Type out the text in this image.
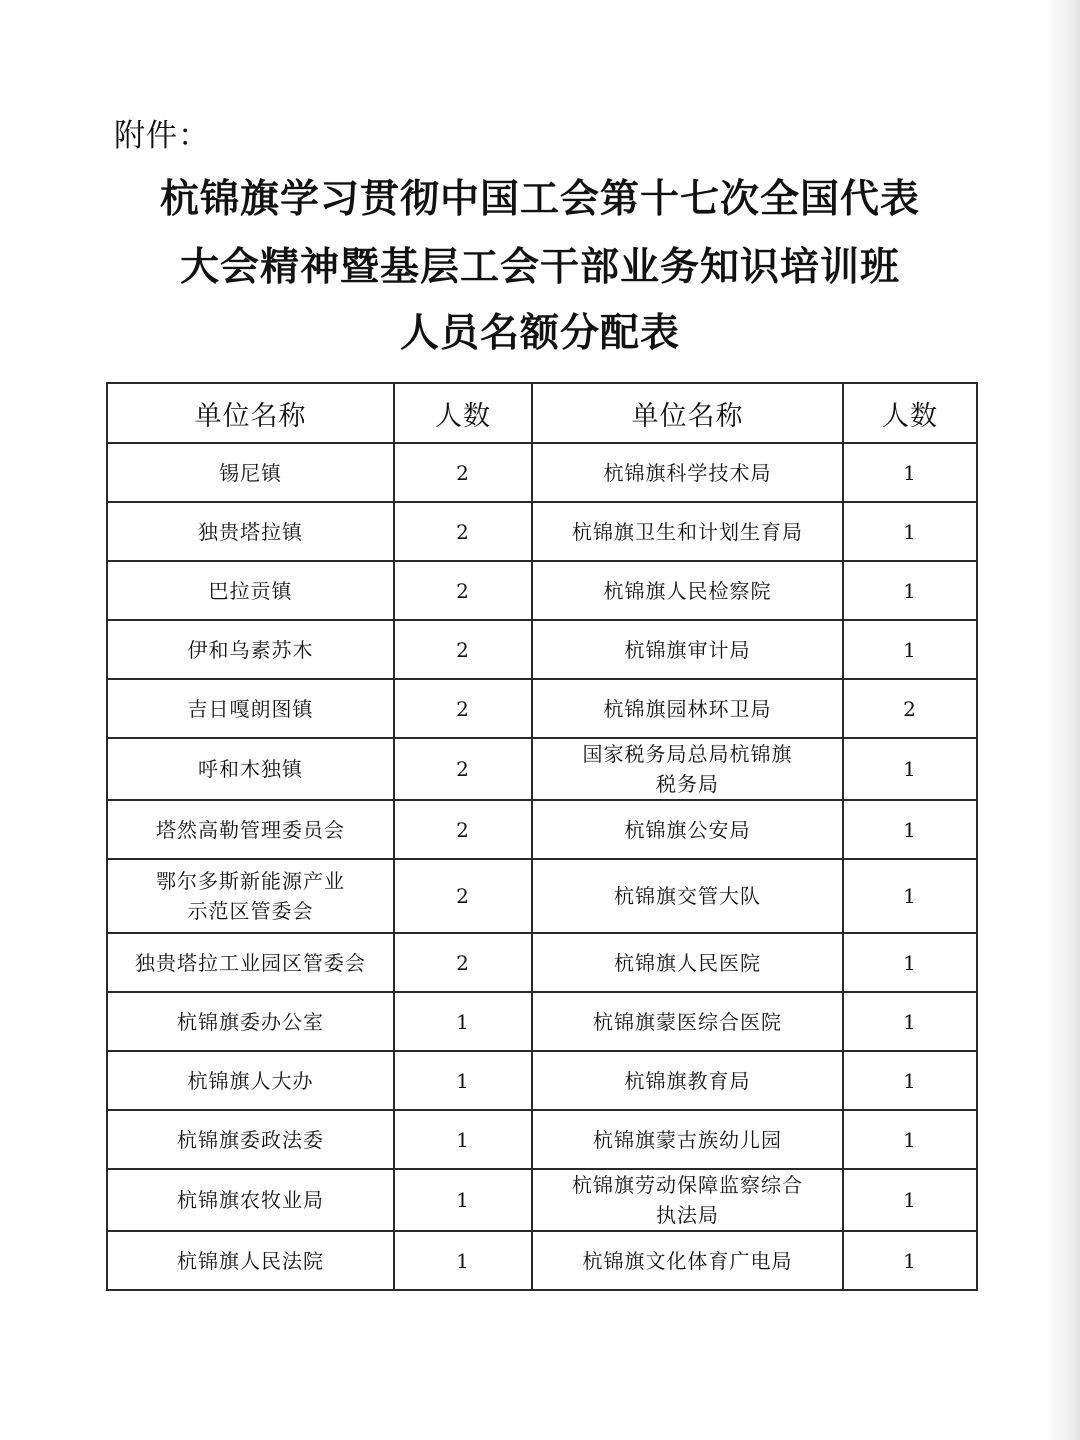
附件：
杭锦旗学习贯彻中国工会第十七次全国代表
大会精神暨基层工会干部业务知识培训班
人员名额分配表
单位名称	人数	单位名称	人数
锡尼镇	2	杭锦旗科学技术局	1
独贵塔拉镇	2	杭锦旗卫生和计划生育局	1
巴拉贡镇	2	杭锦旗人民检察院	1
伊和乌素苏木	2	杭锦旗审计局	1
吉日嘎朗图镇	2	杭锦旗园林环卫局	2
呼和木独镇	2	国家税务局总局杭锦旗税务局	1
塔然高勒管理委员会	2	杭锦旗公安局	1
鄂尔多斯新能源产业示范区管委会	2	杭锦旗交管大队	1
独贵塔拉工业园区管委会	2	杭锦旗人民医院	1
杭锦旗委办公室	1	杭锦旗蒙医综合医院	1
杭锦旗人大办	1	杭锦旗教育局	1
杭锦旗委政法委	1	杭锦旗蒙古族幼儿园	1
杭锦旗农牧业局	1	杭锦旗劳动保障监察综合执法局	1
杭锦旗人民法院	1	杭锦旗文化体育广电局	1
